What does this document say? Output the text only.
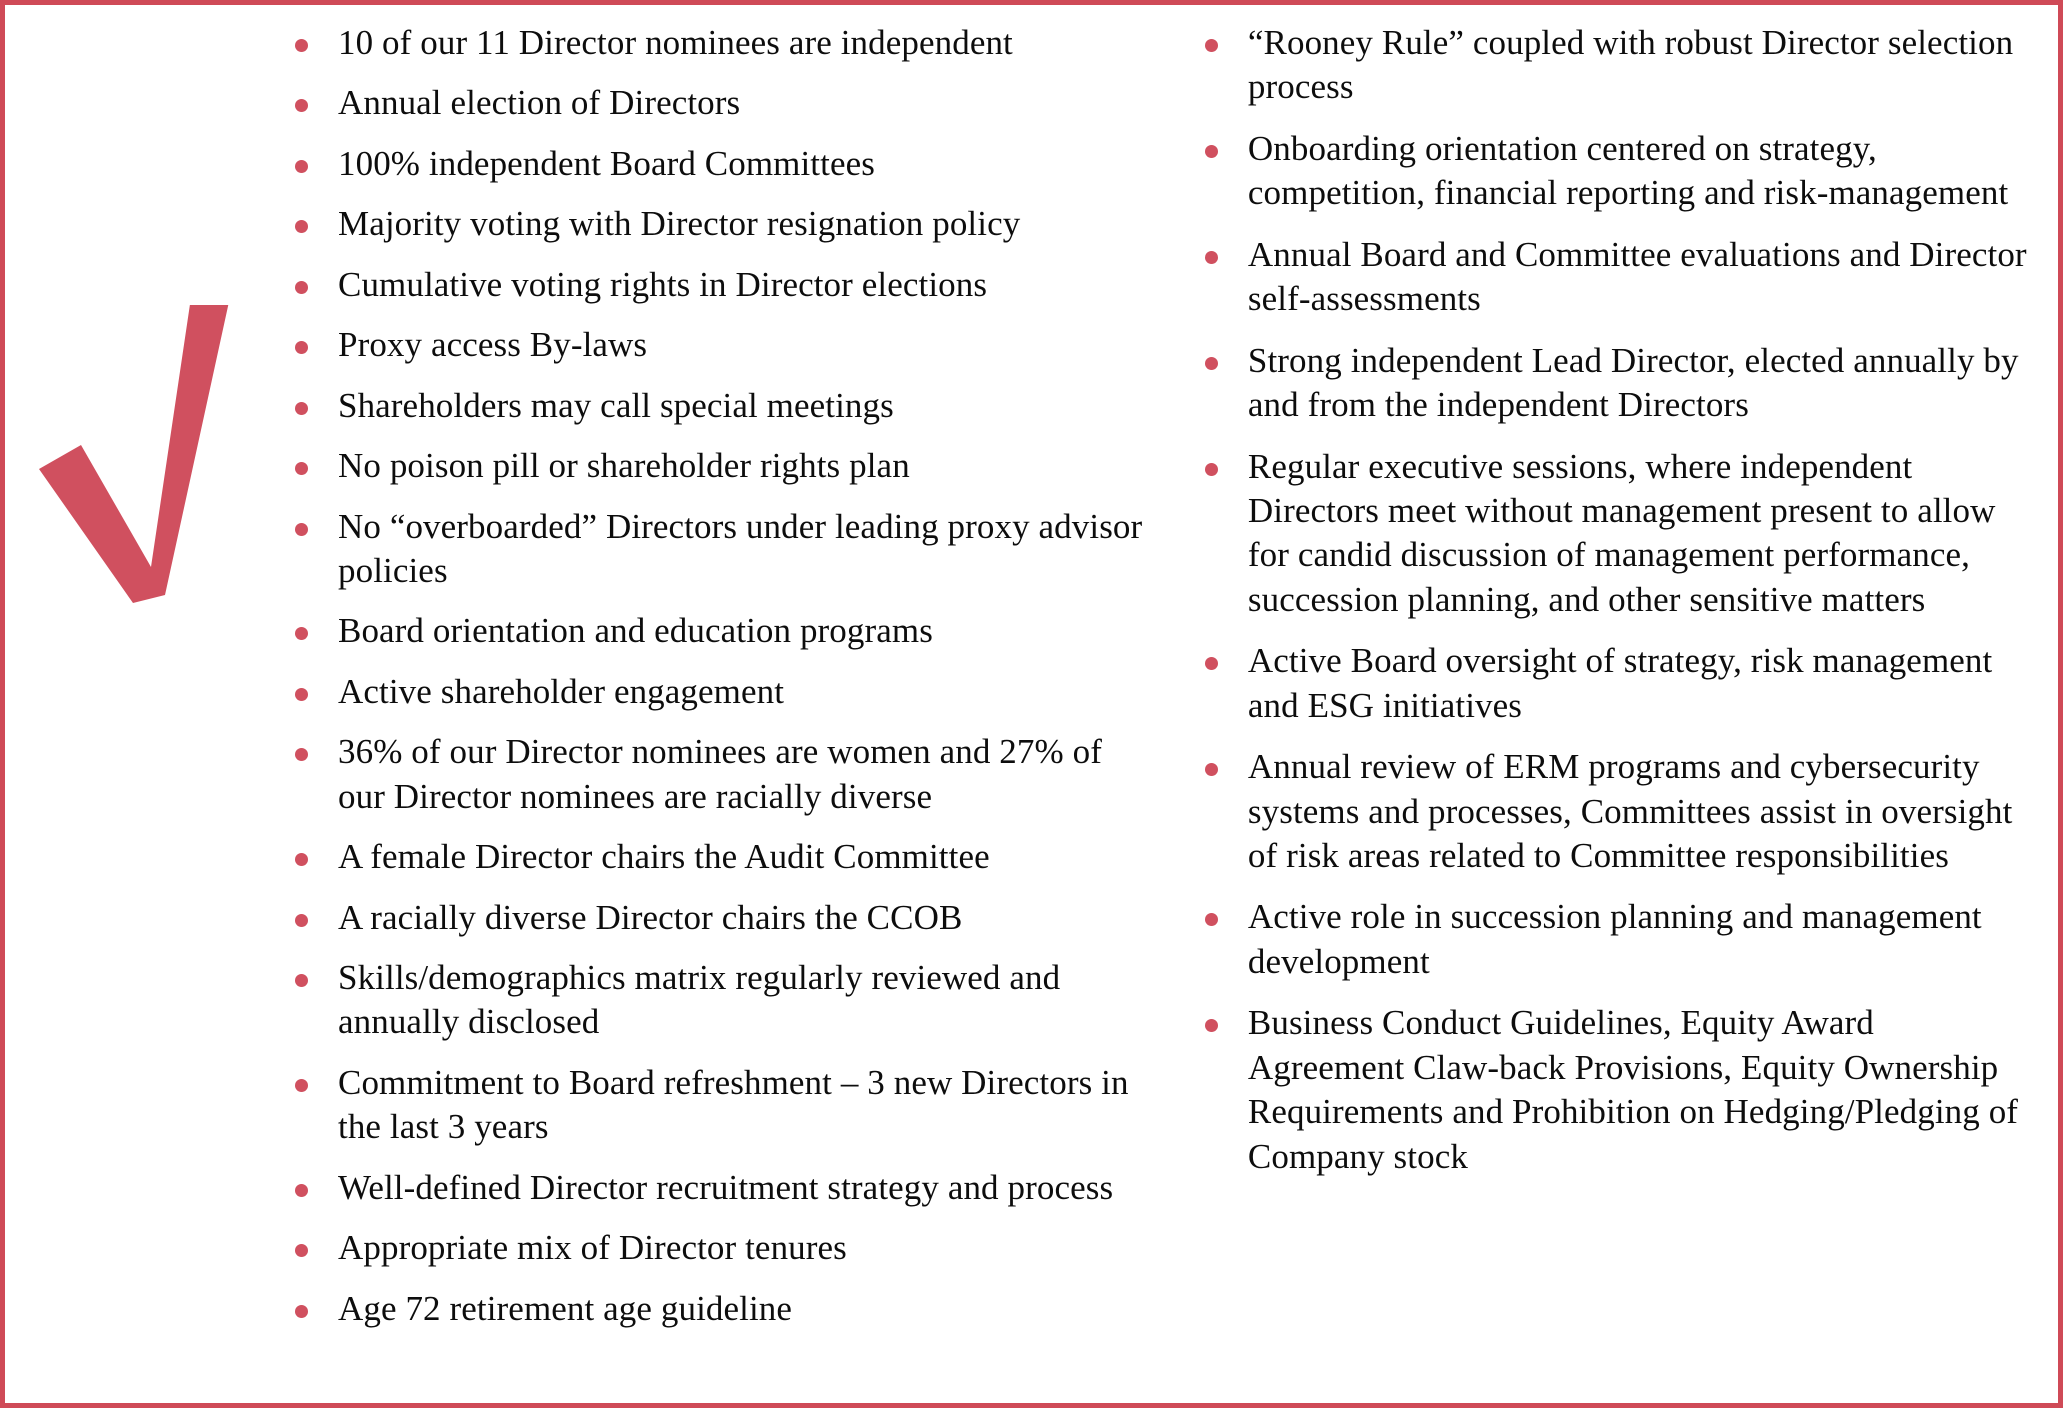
10 of our 11 Director nominees are independent
Annual election of Directors
100% independent Board Committees
Majority voting with Director resignation policy
Cumulative voting rights in Director elections
Proxy access By-laws
Shareholders may call special meetings
No poison pill or shareholder rights plan
No “overboarded” Directors under leading proxy advisor policies
Board orientation and education programs
Active shareholder engagement
36% of our Director nominees are women and 27% of our Director nominees are racially diverse
A female Director chairs the Audit Committee
A racially diverse Director chairs the CCOB
Skills/demographics matrix regularly reviewed and annually disclosed
Commitment to Board refreshment – 3 new Directors in the last 3 years
Well-defined Director recruitment strategy and process
Appropriate mix of Director tenures
Age 72 retirement age guideline
“Rooney Rule” coupled with robust Director selection process
Onboarding orientation centered on strategy, competition, financial reporting and risk-management
Annual Board and Committee evaluations and Director self-assessments
Strong independent Lead Director, elected annually by and from the independent Directors
Regular executive sessions, where independent Directors meet without management present to allow for candid discussion of management performance, succession planning, and other sensitive matters
Active Board oversight of strategy, risk management and ESG initiatives
Annual review of ERM programs and cybersecurity systems and processes, Committees assist in oversight of risk areas related to Committee responsibilities
Active role in succession planning and management development
Business Conduct Guidelines, Equity Award Agreement Claw-back Provisions, Equity Ownership Requirements and Prohibition on Hedging/Pledging of Company stock
